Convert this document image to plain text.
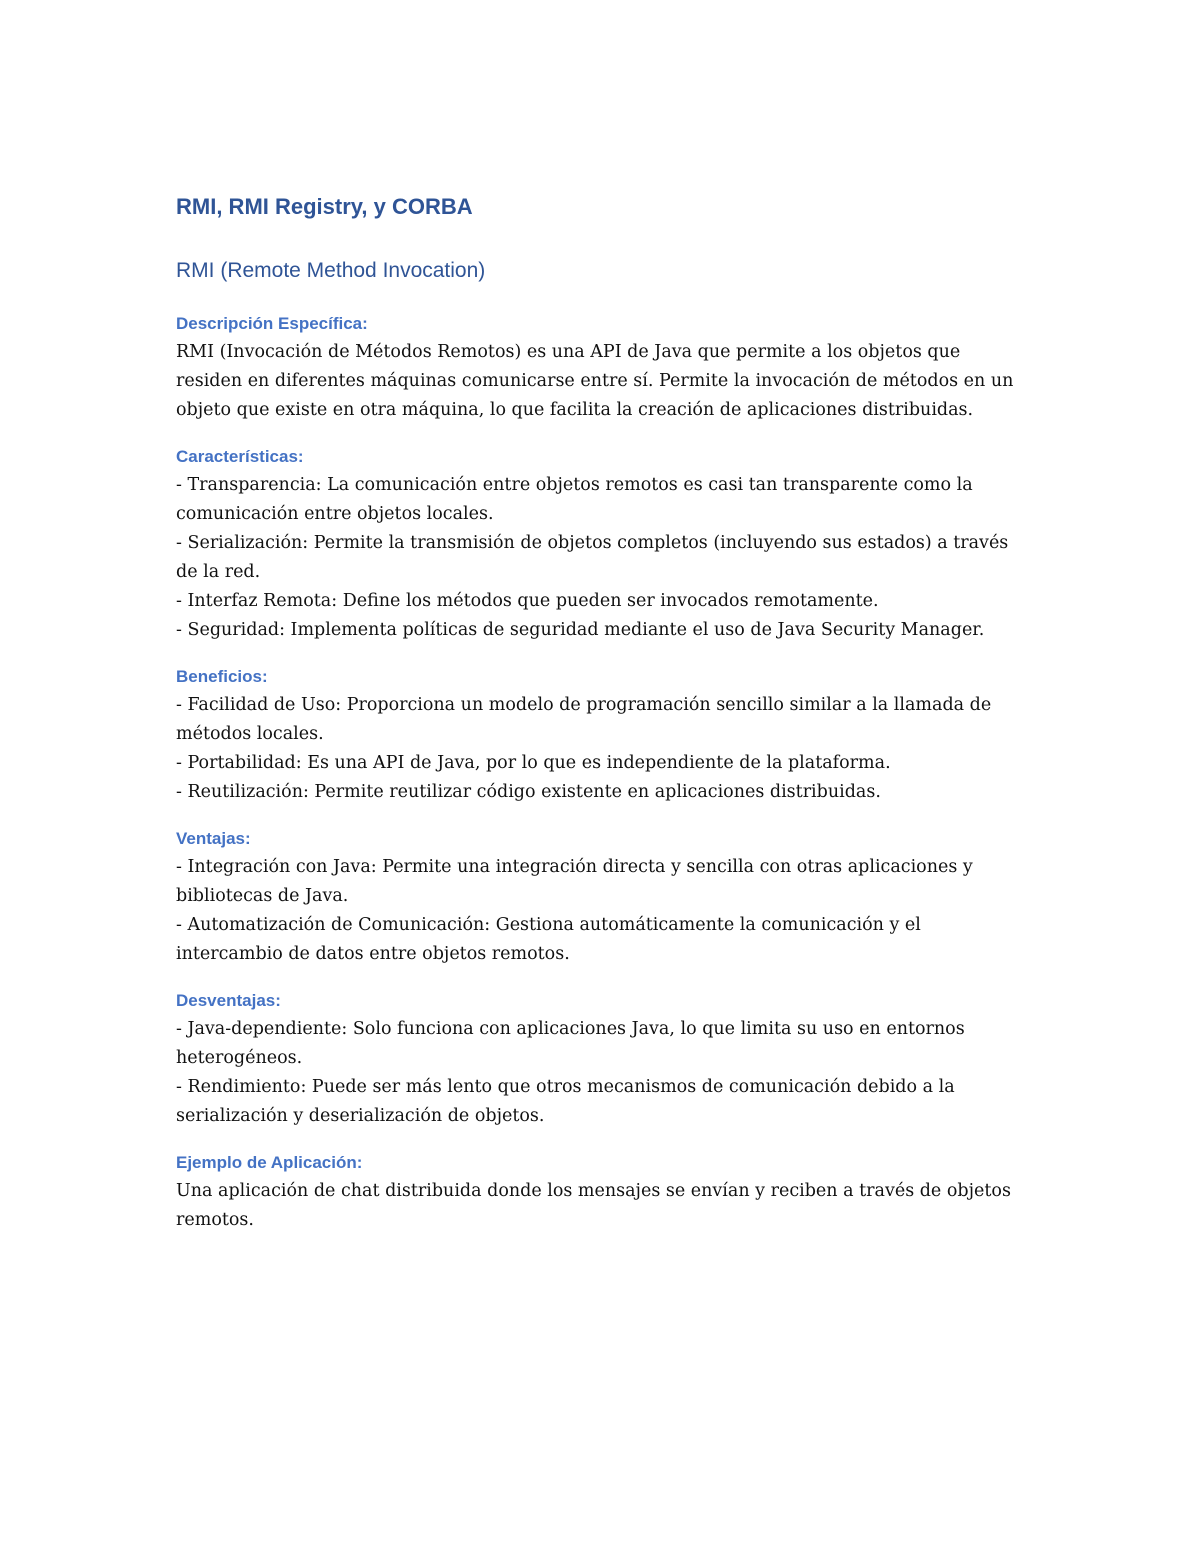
RMI, RMI Registry, y CORBA
RMI (Remote Method Invocation)
Descripción Específica:

RMI (Invocación de Métodos Remotos) es una API de Java que permite a los objetos que residen en diferentes máquinas comunicarse entre sí. Permite la invocación de métodos en un objeto que existe en otra máquina, lo que facilita la creación de aplicaciones distribuidas.

Características:

- Transparencia: La comunicación entre objetos remotos es casi tan transparente como la comunicación entre objetos locales.

- Serialización: Permite la transmisión de objetos completos (incluyendo sus estados) a través de la red.

- Interfaz Remota: Define los métodos que pueden ser invocados remotamente.

- Seguridad: Implementa políticas de seguridad mediante el uso de Java Security Manager.

Beneficios:

- Facilidad de Uso: Proporciona un modelo de programación sencillo similar a la llamada de métodos locales.

- Portabilidad: Es una API de Java, por lo que es independiente de la plataforma.

- Reutilización: Permite reutilizar código existente en aplicaciones distribuidas.

Ventajas:

- Integración con Java: Permite una integración directa y sencilla con otras aplicaciones y bibliotecas de Java.

- Automatización de Comunicación: Gestiona automáticamente la comunicación y el intercambio de datos entre objetos remotos.

Desventajas:

- Java-dependiente: Solo funciona con aplicaciones Java, lo que limita su uso en entornos heterogéneos.

- Rendimiento: Puede ser más lento que otros mecanismos de comunicación debido a la serialización y deserialización de objetos.

Ejemplo de Aplicación:

Una aplicación de chat distribuida donde los mensajes se envían y reciben a través de objetos remotos.
